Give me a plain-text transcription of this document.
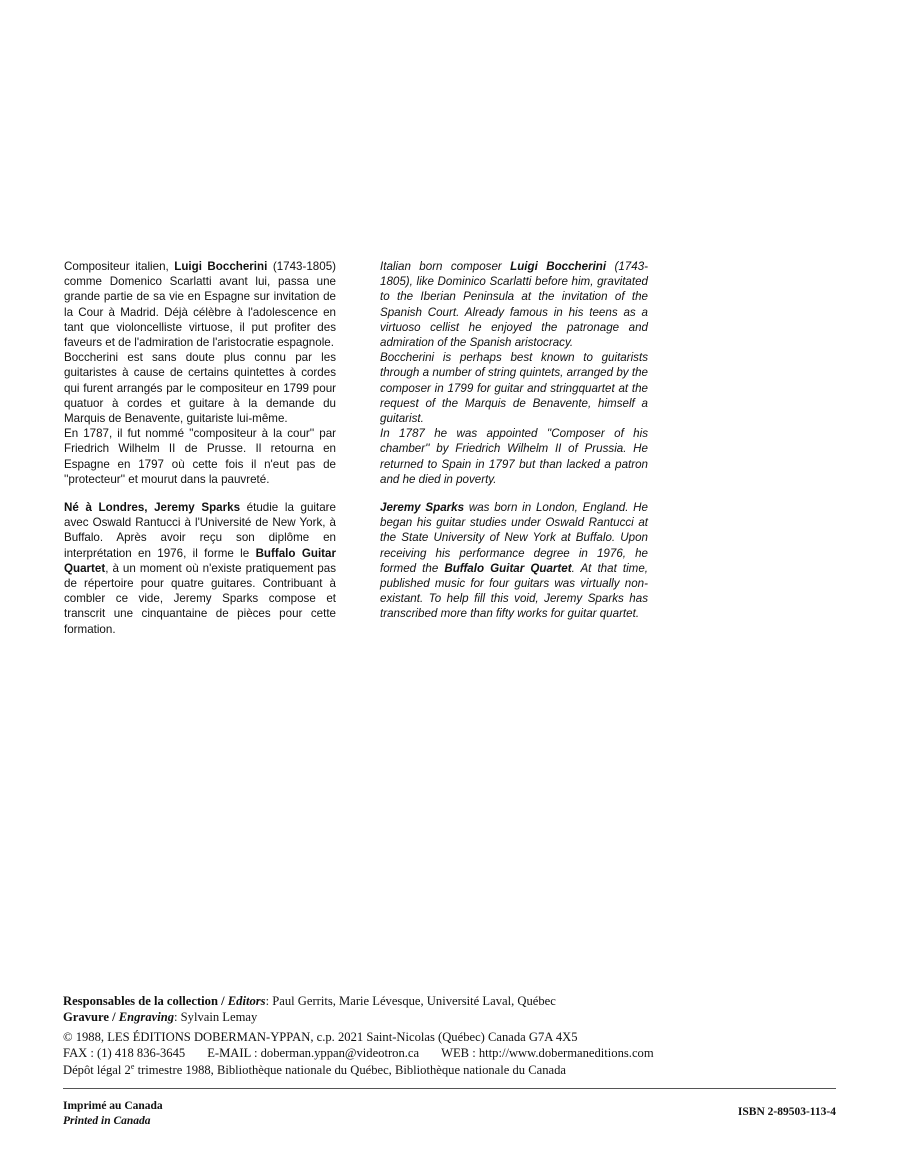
Compositeur italien, Luigi Boccherini (1743-1805) comme Domenico Scarlatti avant lui, passa une grande partie de sa vie en Espagne sur invitation de la Cour à Madrid. Déjà célèbre à l'adolescence en tant que violoncelliste virtuose, il put profiter des faveurs et de l'admiration de l'aristocratie espagnole.

Boccherini est sans doute plus connu par les guitaristes à cause de certains quintettes à cordes qui furent arrangés par le compositeur en 1799 pour quatuor à cordes et guitare à la demande du Marquis de Benavente, guitariste lui-même.

En 1787, il fut nommé ''compositeur à la cour'' par Friedrich Wilhelm II de Prusse. Il retourna en Espagne en 1797 où cette fois il n'eut pas de ''protecteur'' et mourut dans la pauvreté.

Né à Londres, Jeremy Sparks étudie la guitare avec Oswald Rantucci à l'Université de New York, à Buffalo. Après avoir reçu son diplôme en interprétation en 1976, il forme le Buffalo Guitar Quartet, à un moment où n'existe pratiquement pas de répertoire pour quatre guitares. Contribuant à combler ce vide, Jeremy Sparks compose et transcrit une cinquantaine de pièces pour cette formation.

Italian born composer Luigi Boccherini (1743-1805), like Dominico Scarlatti before him, gravitated to the Iberian Peninsula at the invitation of the Spanish Court. Already famous in his teens as a virtuoso cellist he enjoyed the patronage and admiration of the Spanish aristocracy.

Boccherini is perhaps best known to guitarists through a number of string quintets, arranged by the composer in 1799 for guitar and stringquartet at the request of the Marquis de Benavente, himself a guitarist.

In 1787 he was appointed ''Composer of his chamber'' by Friedrich Wilhelm II of Prussia. He returned to Spain in 1797 but than lacked a patron and he died in poverty.

Jeremy Sparks was born in London, England. He began his guitar studies under Oswald Rantucci at the State University of New York at Buffalo. Upon receiving his performance degree in 1976, he formed the Buffalo Guitar Quartet. At that time, published music for four guitars was virtually non-existant. To help fill this void, Jeremy Sparks has transcribed more than fifty works for guitar quartet.

Responsables de la collection / Editors: Paul Gerrits, Marie Lévesque, Université Laval, Québec

Gravure / Engraving: Sylvain Lemay

© 1988, LES ÉDITIONS DOBERMAN-YPPAN, c.p. 2021 Saint-Nicolas (Québec) Canada G7A 4X5

FAX : (1) 418 836-3645 E-MAIL : doberman.yppan@videotron.ca WEB : http://www.dobermaneditions.com

Dépôt légal 2e trimestre 1988, Bibliothèque nationale du Québec, Bibliothèque nationale du Canada

Imprimé au Canada
Printed in Canada
ISBN 2-89503-113-4
